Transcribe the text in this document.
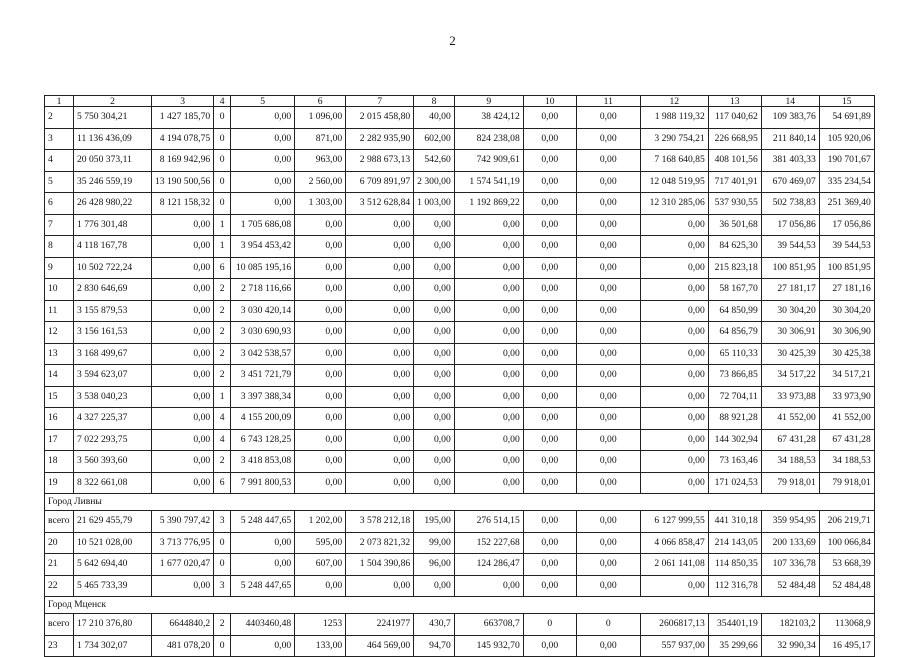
2
1	2	3	4	5	6	7	8	9	10	11	12	13	14	15
2	5 750 304,21	1 427 185,70	0	0,00	1 096,00	2 015 458,80	40,00	38 424,12	0,00	0,00	1 988 119,32	117 040,62	109 383,76	54 691,89
3	11 136 436,09	4 194 078,75	0	0,00	871,00	2 282 935,90	602,00	824 238,08	0,00	0,00	3 290 754,21	226 668,95	211 840,14	105 920,06
4	20 050 373,11	8 169 942,96	0	0,00	963,00	2 988 673,13	542,60	742 909,61	0,00	0,00	7 168 640,85	408 101,56	381 403,33	190 701,67
5	35 246 559,19	13 190 500,56	0	0,00	2 560,00	6 709 891,97	2 300,00	1 574 541,19	0,00	0,00	12 048 519,95	717 401,91	670 469,07	335 234,54
6	26 428 980,22	8 121 158,32	0	0,00	1 303,00	3 512 628,84	1 003,00	1 192 869,22	0,00	0,00	12 310 285,06	537 930,55	502 738,83	251 369,40
7	1 776 301,48	0,00	1	1 705 686,08	0,00	0,00	0,00	0,00	0,00	0,00	0,00	36 501,68	17 056,86	17 056,86
8	4 118 167,78	0,00	1	3 954 453,42	0,00	0,00	0,00	0,00	0,00	0,00	0,00	84 625,30	39 544,53	39 544,53
9	10 502 722,24	0,00	6	10 085 195,16	0,00	0,00	0,00	0,00	0,00	0,00	0,00	215 823,18	100 851,95	100 851,95
10	2 830 646,69	0,00	2	2 718 116,66	0,00	0,00	0,00	0,00	0,00	0,00	0,00	58 167,70	27 181,17	27 181,16
11	3 155 879,53	0,00	2	3 030 420,14	0,00	0,00	0,00	0,00	0,00	0,00	0,00	64 850,99	30 304,20	30 304,20
12	3 156 161,53	0,00	2	3 030 690,93	0,00	0,00	0,00	0,00	0,00	0,00	0,00	64 856,79	30 306,91	30 306,90
13	3 168 499,67	0,00	2	3 042 538,57	0,00	0,00	0,00	0,00	0,00	0,00	0,00	65 110,33	30 425,39	30 425,38
14	3 594 623,07	0,00	2	3 451 721,79	0,00	0,00	0,00	0,00	0,00	0,00	0,00	73 866,85	34 517,22	34 517,21
15	3 538 040,23	0,00	1	3 397 388,34	0,00	0,00	0,00	0,00	0,00	0,00	0,00	72 704,11	33 973,88	33 973,90
16	4 327 225,37	0,00	4	4 155 200,09	0,00	0,00	0,00	0,00	0,00	0,00	0,00	88 921,28	41 552,00	41 552,00
17	7 022 293,75	0,00	4	6 743 128,25	0,00	0,00	0,00	0,00	0,00	0,00	0,00	144 302,94	67 431,28	67 431,28
18	3 560 393,60	0,00	2	3 418 853,08	0,00	0,00	0,00	0,00	0,00	0,00	0,00	73 163,46	34 188,53	34 188,53
19	8 322 661,08	0,00	6	7 991 800,53	0,00	0,00	0,00	0,00	0,00	0,00	0,00	171 024,53	79 918,01	79 918,01
Город Ливны														
всего	21 629 455,79	5 390 797,42	3	5 248 447,65	1 202,00	3 578 212,18	195,00	276 514,15	0,00	0,00	6 127 999,55	441 310,18	359 954,95	206 219,71
20	10 521 028,00	3 713 776,95	0	0,00	595,00	2 073 821,32	99,00	152 227,68	0,00	0,00	4 066 858,47	214 143,05	200 133,69	100 066,84
21	5 642 694,40	1 677 020,47	0	0,00	607,00	1 504 390,86	96,00	124 286,47	0,00	0,00	2 061 141,08	114 850,35	107 336,78	53 668,39
22	5 465 733,39	0,00	3	5 248 447,65	0,00	0,00	0,00	0,00	0,00	0,00	0,00	112 316,78	52 484,48	52 484,48
Город Мценск														
всего	17 210 376,80	6644840,2	2	4403460,48	1253	2241977	430,7	663708,7	0	0	2606817,13	354401,19	182103,2	113068,9
23	1 734 302,07	481 078,20	0	0,00	133,00	464 569,00	94,70	145 932,70	0,00	0,00	557 937,00	35 299,66	32 990,34	16 495,17
